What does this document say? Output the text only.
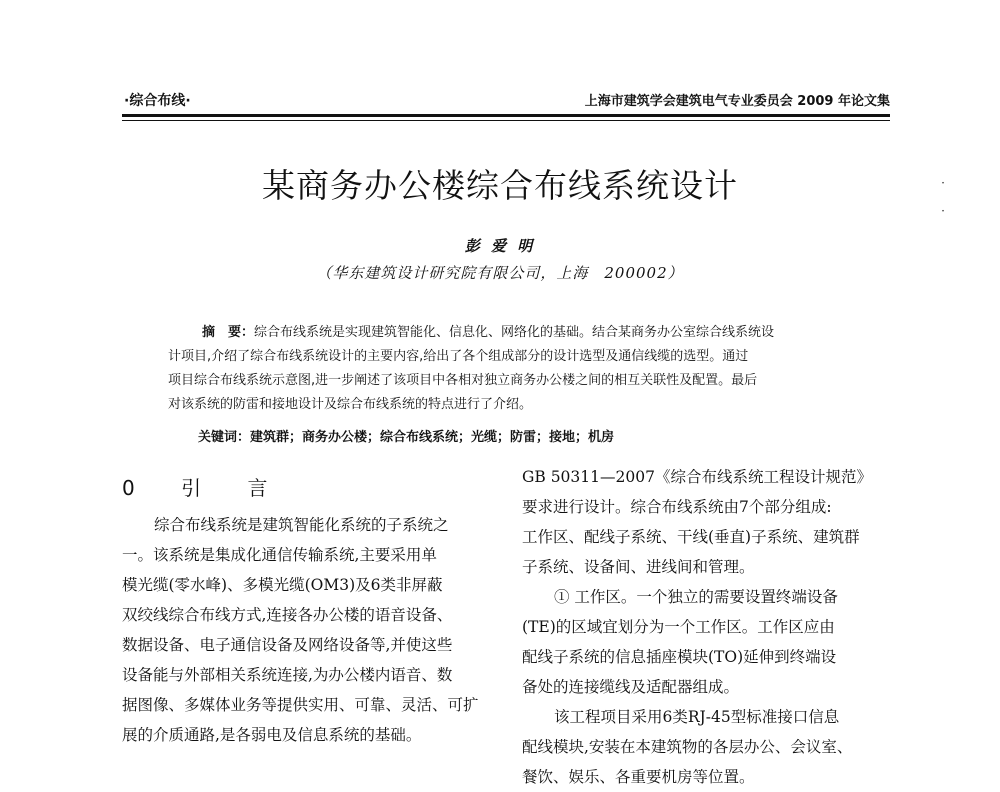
·综合布线·	上海市建筑学会建筑电气专业委员会 2009 年论文集
·

·
某商务办公楼综合布线系统设计
彭 爱 明
（华东建筑设计研究院有限公司，上海　200002）
摘　要：综合布线系统是实现建筑智能化、信息化、网络化的基础。结合某商务办公室综合线系统设
计项目,介绍了综合布线系统设计的主要内容,给出了各个组成部分的设计选型及通信线缆的选型。通过
项目综合布线系统示意图,进一步阐述了该项目中各相对独立商务办公楼之间的相互关联性及配置。最后
对该系统的防雷和接地设计及综合布线系统的特点进行了介绍。
关键词：建筑群；商务办公楼；综合布线系统；光缆；防雷；接地；机房
0 引 言
综合布线系统是建筑智能化系统的子系统之
一。该系统是集成化通信传输系统,主要采用单
模光缆(零水峰)、多模光缆(OM3)及6类非屏蔽
双绞线综合布线方式,连接各办公楼的语音设备、
数据设备、电子通信设备及网络设备等,并使这些
设备能与外部相关系统连接,为办公楼内语音、数
据图像、多媒体业务等提供实用、可靠、灵活、可扩
展的介质通路,是各弱电及信息系统的基础。
GB 50311—2007《综合布线系统工程设计规范》
要求进行设计。综合布线系统由7个部分组成:
工作区、配线子系统、干线(垂直)子系统、建筑群
子系统、设备间、进线间和管理。
① 工作区。一个独立的需要设置终端设备
(TE)的区域宜划分为一个工作区。工作区应由
配线子系统的信息插座模块(TO)延伸到终端设
备处的连接缆线及适配器组成。
该工程项目采用6类RJ-45型标准接口信息
配线模块,安装在本建筑物的各层办公、会议室、
餐饮、娱乐、各重要机房等位置。
